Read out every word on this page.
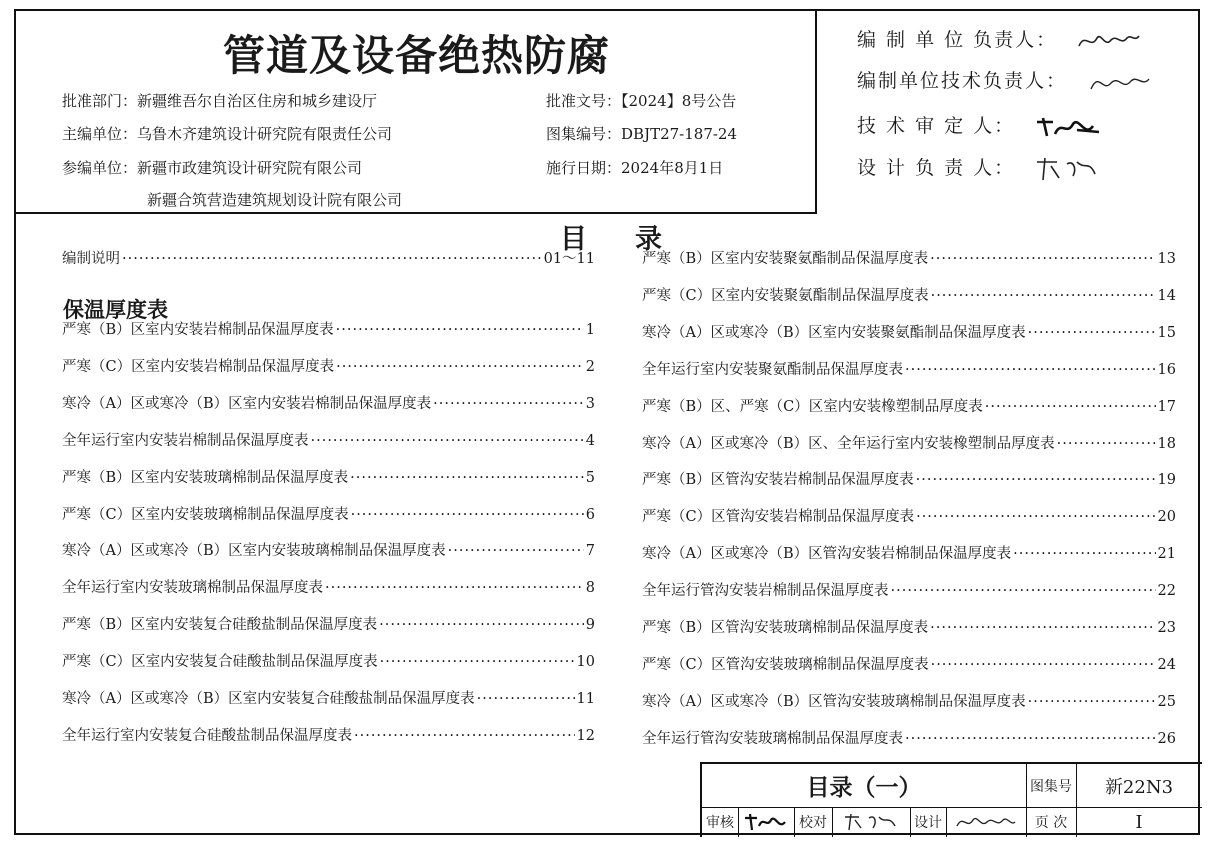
管道及设备绝热防腐
批准部门：新疆维吾尔自治区住房和城乡建设厅
主编单位：乌鲁木齐建筑设计研究院有限责任公司
参编单位：新疆市政建筑设计研究院有限公司
新疆合筑营造建筑规划设计院有限公司
批准文号：【2024】8号公告
图集编号：DBJT27-187-24
施行日期：2024年8月1日
编 制 单 位 负责人：
编制单位技术负责人：
技 术 审 定 人：
设 计 负 责 人：
目 录
编制说明 ·····	01～11
保温厚度表
严寒（B）区室内安装岩棉制品保温厚度表 ·····	1
严寒（C）区室内安装岩棉制品保温厚度表 ·····	2
寒冷（A）区或寒冷（B）区室内安装岩棉制品保温厚度表 ·····	3
全年运行室内安装岩棉制品保温厚度表 ·····	4
严寒（B）区室内安装玻璃棉制品保温厚度表 ·····	5
严寒（C）区室内安装玻璃棉制品保温厚度表 ·····	6
寒冷（A）区或寒冷（B）区室内安装玻璃棉制品保温厚度表 ·····	7
全年运行室内安装玻璃棉制品保温厚度表 ·····	8
严寒（B）区室内安装复合硅酸盐制品保温厚度表 ·····	9
严寒（C）区室内安装复合硅酸盐制品保温厚度表 ·····	10
寒冷（A）区或寒冷（B）区室内安装复合硅酸盐制品保温厚度表 ·····	11
全年运行室内安装复合硅酸盐制品保温厚度表 ·····	12
严寒（B）区室内安装聚氨酯制品保温厚度表 ·····	13
严寒（C）区室内安装聚氨酯制品保温厚度表 ·····	14
寒冷（A）区或寒冷（B）区室内安装聚氨酯制品保温厚度表 ·····	15
全年运行室内安装聚氨酯制品保温厚度表 ·····	16
严寒（B）区、严寒（C）区室内安装橡塑制品厚度表 ·····	17
寒冷（A）区或寒冷（B）区、全年运行室内安装橡塑制品厚度表 ·····	18
严寒（B）区管沟安装岩棉制品保温厚度表 ·····	19
严寒（C）区管沟安装岩棉制品保温厚度表 ·····	20
寒冷（A）区或寒冷（B）区管沟安装岩棉制品保温厚度表 ·····	21
全年运行管沟安装岩棉制品保温厚度表 ·····	22
严寒（B）区管沟安装玻璃棉制品保温厚度表 ·····	23
严寒（C）区管沟安装玻璃棉制品保温厚度表 ·····	24
寒冷（A）区或寒冷（B）区管沟安装玻璃棉制品保温厚度表 ·····	25
全年运行管沟安装玻璃棉制品保温厚度表 ·····	26
目录（一）	图集号	新22N3
审核	校对	设计	页 次	I
